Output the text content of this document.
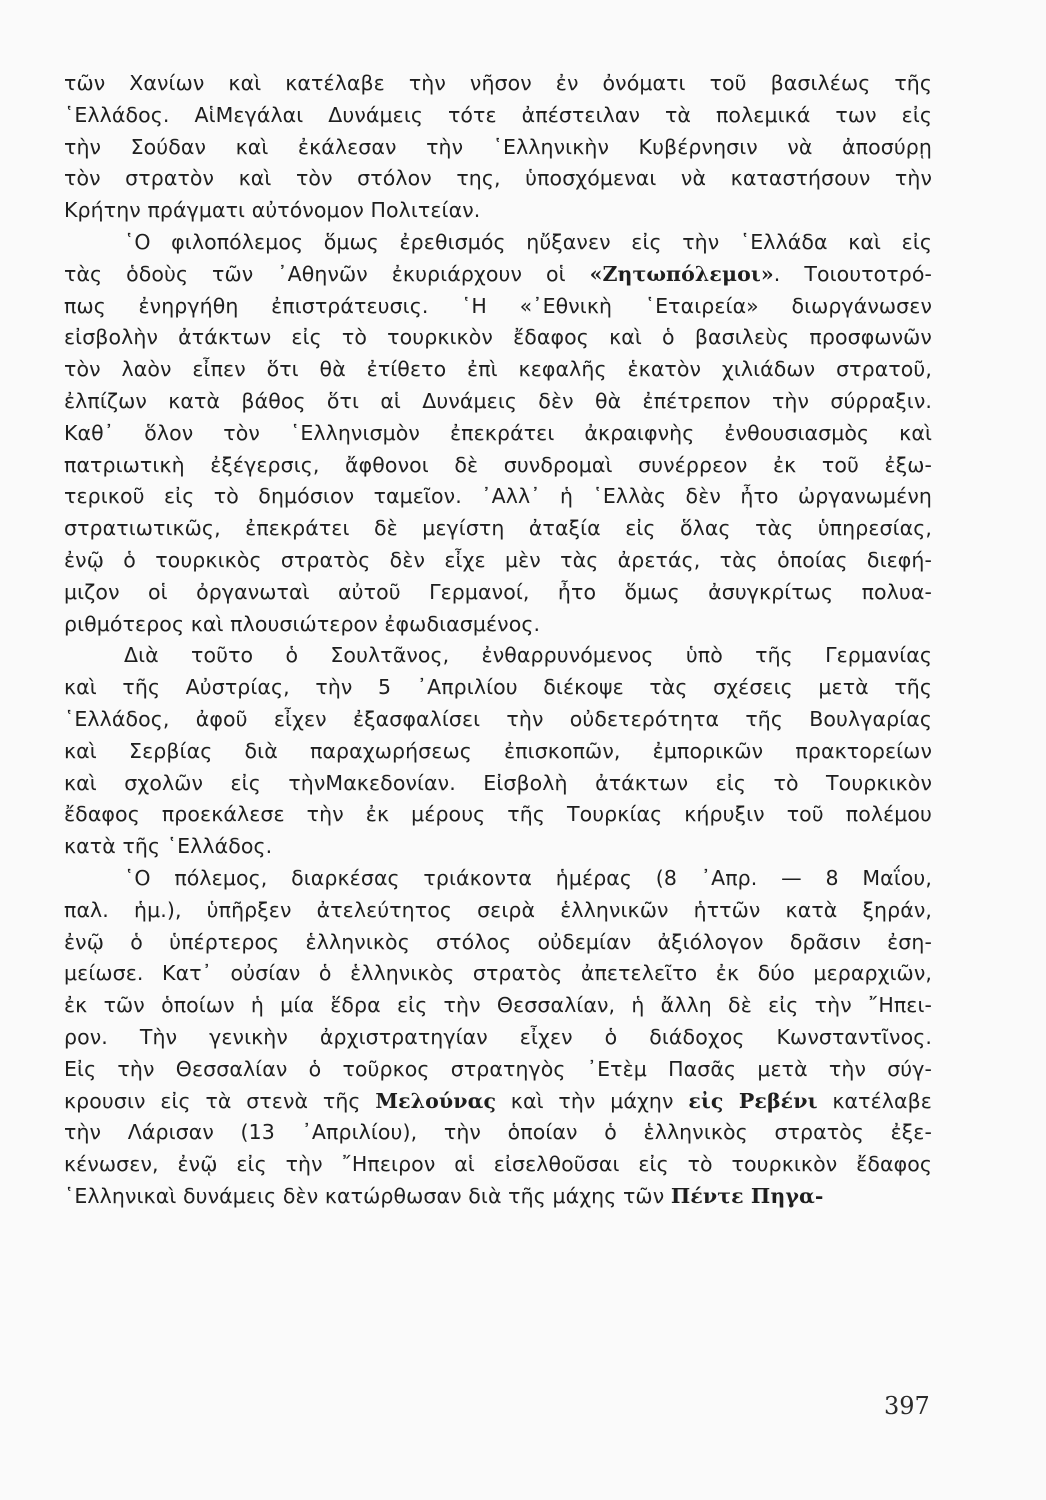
τῶν Χανίων καὶ κατέλαβε τὴν νῆσον ἐν ὀνόματι τοῦ βασιλέως τῆς
῾Ελλάδος. ΑἱΜεγάλαι Δυνάμεις τότε ἀπέστειλαν τὰ πολεμικά των εἰς
τὴν Σούδαν καὶ ἐκάλεσαν τὴν ῾Ελληνικὴν Κυβέρνησιν νὰ ἀποσύρῃ
τὸν στρατὸν καὶ τὸν στόλον της, ὑποσχόμεναι νὰ καταστήσουν τὴν
Κρήτην πράγματι αὐτόνομον Πολιτείαν.
῾Ο φιλοπόλεμος ὅμως ἐρεθισμός ηὔξανεν εἰς τὴν ῾Ελλάδα καὶ εἰς
τὰς ὁδοὺς τῶν ᾿Αθηνῶν ἐκυριάρχουν οἱ «Ζητωπόλεμοι». Τοιουτοτρό-
πως ἐνηργήθη ἐπιστράτευσις. ῾Η «᾿Εθνικὴ ῾Εταιρεία» διωργάνωσεν
εἰσβολὴν ἀτάκτων εἰς τὸ τουρκικὸν ἔδαφος καὶ ὁ βασιλεὺς προσφωνῶν
τὸν λαὸν εἶπεν ὅτι θὰ ἐτίθετο ἐπὶ κεφαλῆς ἑκατὸν χιλιάδων στρατοῦ,
ἐλπίζων κατὰ βάθος ὅτι αἱ Δυνάμεις δὲν θὰ ἐπέτρεπον τὴν σύρραξιν.
Καθ᾿ ὅλον τὸν ῾Ελληνισμὸν ἐπεκράτει ἀκραιφνὴς ἐνθουσιασμὸς καὶ
πατριωτικὴ ἐξέγερσις, ἄφθονοι δὲ συνδρομαὶ συνέρρεον ἐκ τοῦ ἐξω-
τερικοῦ εἰς τὸ δημόσιον ταμεῖον. ᾿Αλλ᾿ ἡ ῾Ελλὰς δὲν ἦτο ὠργανωμένη
στρατιωτικῶς, ἐπεκράτει δὲ μεγίστη ἀταξία εἰς ὅλας τὰς ὑπηρεσίας,
ἐνῷ ὁ τουρκικὸς στρατὸς δὲν εἶχε μὲν τὰς ἀρετάς, τὰς ὁποίας διεφή-
μιζον οἱ ὀργανωταὶ αὐτοῦ Γερμανοί, ἦτο ὅμως ἀσυγκρίτως πολυα-
ριθμότερος καὶ πλουσιώτερον ἐφωδιασμένος.
Διὰ τοῦτο ὁ Σουλτᾶνος, ἐνθαρρυνόμενος ὑπὸ τῆς Γερμανίας
καὶ τῆς Αὐστρίας, τὴν 5 ᾿Απριλίου διέκοψε τὰς σχέσεις μετὰ τῆς
῾Ελλάδος, ἀφοῦ εἶχεν ἐξασφαλίσει τὴν οὐδετερότητα τῆς Βουλγαρίας
καὶ Σερβίας διὰ παραχωρήσεως ἐπισκοπῶν, ἐμπορικῶν πρακτορείων
καὶ σχολῶν εἰς τὴνΜακεδονίαν. Εἰσβολὴ ἀτάκτων εἰς τὸ Τουρκικὸν
ἔδαφος προεκάλεσε τὴν ἐκ μέρους τῆς Τουρκίας κήρυξιν τοῦ πολέμου
κατὰ τῆς ῾Ελλάδος.
῾Ο πόλεμος, διαρκέσας τριάκοντα ἡμέρας (8 ᾿Απρ. — 8 Μαΐου,
παλ. ἡμ.), ὑπῆρξεν ἀτελεύτητος σειρὰ ἑλληνικῶν ἡττῶν κατὰ ξηράν,
ἐνῷ ὁ ὑπέρτερος ἑλληνικὸς στόλος οὐδεμίαν ἀξιόλογον δρᾶσιν ἐση-
μείωσε. Κατ᾿ οὐσίαν ὁ ἑλληνικὸς στρατὸς ἀπετελεῖτο ἐκ δύο μεραρχιῶν,
ἐκ τῶν ὁποίων ἡ μία ἕδρα εἰς τὴν Θεσσαλίαν, ἡ ἄλλη δὲ εἰς τὴν ῎Ηπει-
ρον. Τὴν γενικὴν ἀρχιστρατηγίαν εἶχεν ὁ διάδοχος Κωνσταντῖνος.
Εἰς τὴν Θεσσαλίαν ὁ τοῦρκος στρατηγὸς ᾿Ετὲμ Πασᾶς μετὰ τὴν σύγ-
κρουσιν εἰς τὰ στενὰ τῆς Μελούνας καὶ τὴν μάχην εἰς Ρεβένι κατέλαβε
τὴν Λάρισαν (13 ᾿Απριλίου), τὴν ὁποίαν ὁ ἑλληνικὸς στρατὸς ἐξε-
κένωσεν, ἐνῷ εἰς τὴν ῎Ηπειρον αἱ εἰσελθοῦσαι εἰς τὸ τουρκικὸν ἔδαφος
῾Ελληνικαὶ δυνάμεις δὲν κατώρθωσαν διὰ τῆς μάχης τῶν Πέντε Πηγα-
397
